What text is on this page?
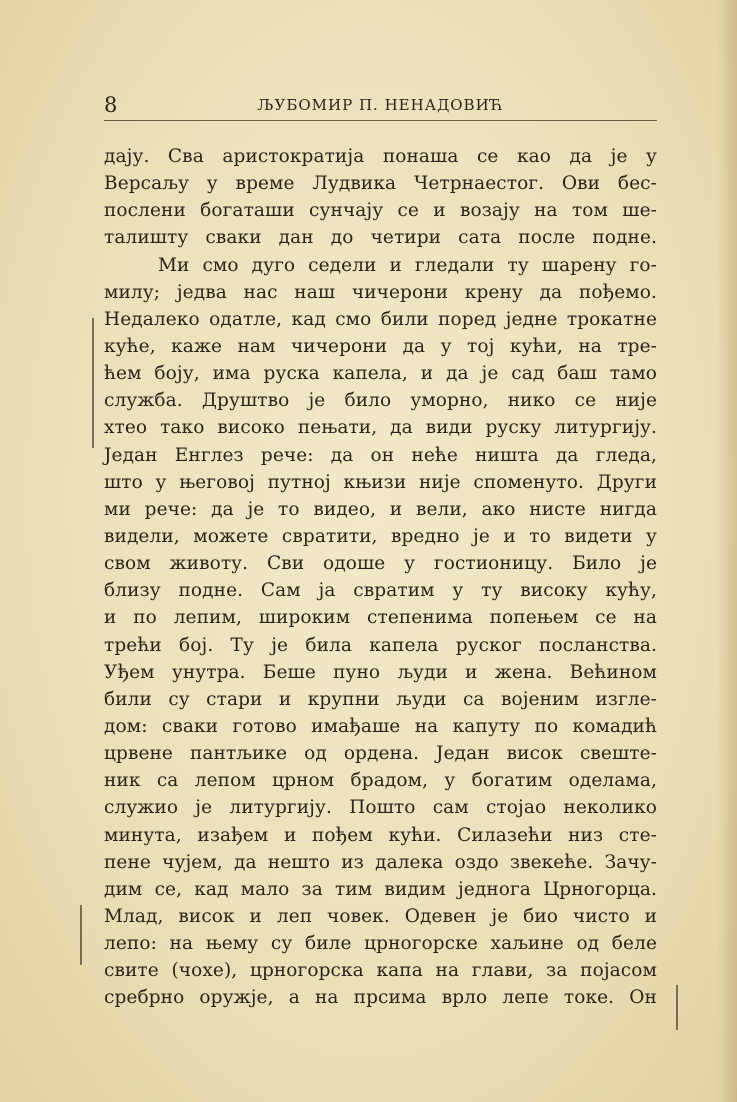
8	ЉУБОМИР П. НЕНАДОВИЋ
дају. Сва аристократија понаша се као да је у
Версаљу у време Лудвика Четрнаестог. Ови бес-
послени богаташи сунчају се и возају на том ше-
талишту сваки дан до четири сата после подне.
Ми смо дуго седели и гледали ту шарену го-
милу; једва нас наш чичерони крену да пођемо.
Недалеко одатле, кад смо били поред једне трокатне
куће, каже нам чичерони да у тој кући, на тре-
ћем боју, има руска капела, и да је сад баш тамо
служба. Друштво је било уморно, нико се није
хтео тако високо пењати, да види руску литургију.
Један Енглез рече: да он неће ништа да гледа,
што у његовој путној књизи није споменуто. Други
ми рече: да је то видео, и вели, ако нисте нигда
видели, можете свратити, вредно је и то видети у
свом животу. Сви одоше у гостионицу. Било је
близу подне. Сам ја свратим у ту високу кућу,
и по лепим, широким степенима попењем се на
трећи бој. Ту је била капела руског посланства.
Уђем унутра. Беше пуно људи и жена. Већином
били су стари и крупни људи са војеним изгле-
дом: сваки готово имађаше на капуту по комадић
црвене пантљике од ордена. Један висок свеште-
ник са лепом црном брадом, у богатим оделама,
служио је литургију. Пошто сам стојао неколико
минута, изађем и пођем кући. Силазећи низ сте-
пене чујем, да нешто из далека оздо звекеће. Зачу-
дим се, кад мало за тим видим једнога Црногорца.
Млад, висок и леп човек. Одевен је био чисто и
лепо: на њему су биле црногорске хаљине од беле
свите (чохе), црногорска капа на глави, за појасом
сребрно оружје, а на прсима врло лепе токе. Он
